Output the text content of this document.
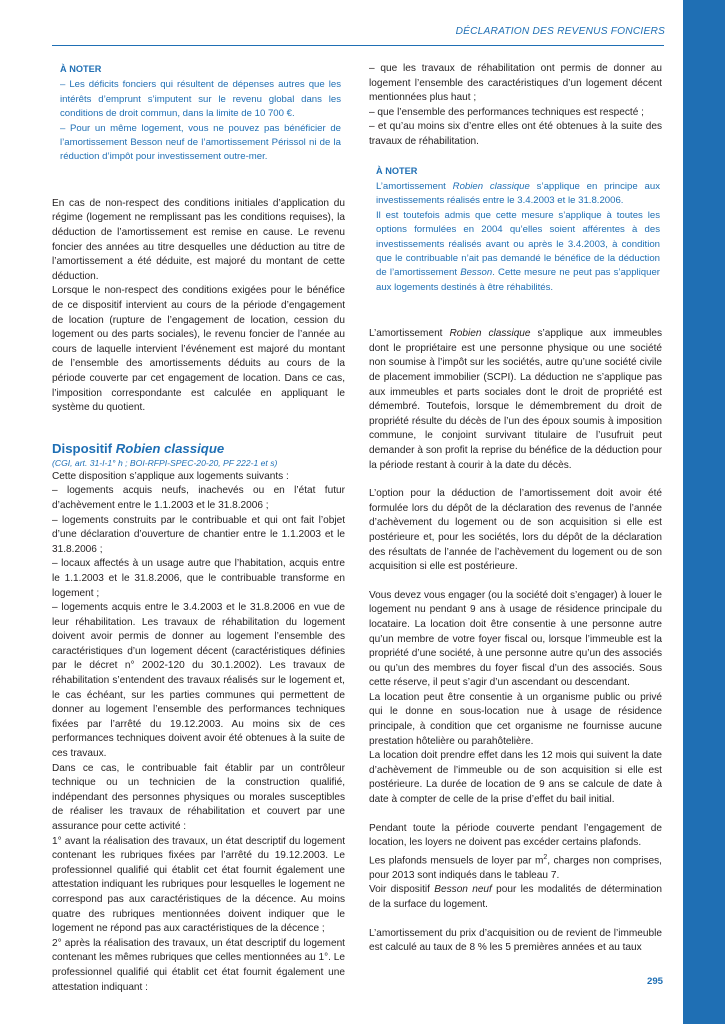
DÉCLARATION DES REVENUS FONCIERS
À NOTER

– Les déficits fonciers qui résultent de dépenses autres que les intérêts d’emprunt s’imputent sur le revenu global dans les conditions de droit commun, dans la limite de 10 700 €.

– Pour un même logement, vous ne pouvez pas bénéficier de l’amortissement Besson neuf de l’amortissement Périssol ni de la réduction d’impôt pour investissement outre-mer.

En cas de non-respect des conditions initiales d’application du régime (logement ne remplissant pas les conditions requises), la déduction de l’amortissement est remise en cause. Le revenu foncier des années au titre desquelles une déduction au titre de l’amortissement a été déduite, est majoré du montant de cette déduction.

Lorsque le non-respect des conditions exigées pour le bénéfice de ce dispositif intervient au cours de la période d’engagement de location (rupture de l’engagement de location, cession du logement ou des parts sociales), le revenu foncier de l’année au cours de laquelle intervient l’événement est majoré du montant de l’ensemble des amortissements déduits au cours de la période couverte par cet engagement de location. Dans ce cas, l’imposition correspondante est calculée en appliquant le système du quotient.

Dispositif Robien classique
(CGI, art. 31-I-1° h ; BOI-RFPI-SPEC-20-20, PF 222-1 et s)

Cette disposition s’applique aux logements suivants :

– logements acquis neufs, inachevés ou en l’état futur d’achèvement entre le 1.1.2003 et le 31.8.2006 ;

– logements construits par le contribuable et qui ont fait l’objet d’une déclaration d’ouverture de chantier entre le 1.1.2003 et le 31.8.2006 ;

– locaux affectés à un usage autre que l’habitation, acquis entre le 1.1.2003 et le 31.8.2006, que le contribuable transforme en logement ;

– logements acquis entre le 3.4.2003 et le 31.8.2006 en vue de leur réhabilitation. Les travaux de réhabilitation du logement doivent avoir permis de donner au logement l’ensemble des caractéristiques d’un logement décent (caractéristiques définies par le décret n° 2002-120 du 30.1.2002). Les travaux de réhabilitation s’entendent des travaux réalisés sur le logement et, le cas échéant, sur les parties communes qui permettent de donner au logement l’ensemble des performances techniques fixées par l’arrêté du 19.12.2003. Au moins six de ces performances techniques doivent avoir été obtenues à la suite de ces travaux.

Dans ce cas, le contribuable fait établir par un contrôleur technique ou un technicien de la construction qualifié, indépendant des personnes physiques ou morales susceptibles de réaliser les travaux de réhabilitation et couvert par une assurance pour cette activité :

1° avant la réalisation des travaux, un état descriptif du logement contenant les rubriques fixées par l’arrêté du 19.12.2003. Le professionnel qualifié qui établit cet état fournit également une attestation indiquant les rubriques pour lesquelles le logement ne correspond pas aux caractéristiques de la décence. Au moins quatre des rubriques mentionnées doivent indiquer que le logement ne répond pas aux caractéristiques de la décence ;

2° après la réalisation des travaux, un état descriptif du logement contenant les mêmes rubriques que celles mentionnées au 1°. Le professionnel qualifié qui établit cet état fournit également une attestation indiquant :

– que les travaux de réhabilitation ont permis de donner au logement l’ensemble des caractéristiques d’un logement décent mentionnées plus haut ;

– que l’ensemble des performances techniques est respecté ;

– et qu’au moins six d’entre elles ont été obtenues à la suite des travaux de réhabilitation.

À NOTER

L’amortissement Robien classique s’applique en principe aux investissements réalisés entre le 3.4.2003 et le 31.8.2006.

Il est toutefois admis que cette mesure s’applique à toutes les options formulées en 2004 qu’elles soient afférentes à des investissements réalisés avant ou après le 3.4.2003, à condition que le contribuable n’ait pas demandé le bénéfice de la déduction de l’amortissement Besson. Cette mesure ne peut pas s’appliquer aux logements destinés à être réhabilités.

L’amortissement Robien classique s’applique aux immeubles dont le propriétaire est une personne physique ou une société non soumise à l’impôt sur les sociétés, autre qu’une société civile de placement immobilier (SCPI). La déduction ne s’applique pas aux immeubles et parts sociales dont le droit de propriété est démembré. Toutefois, lorsque le démembrement du droit de propriété résulte du décès de l’un des époux soumis à imposition commune, le conjoint survivant titulaire de l’usufruit peut demander à son profit la reprise du bénéfice de la déduction pour la période restant à courir à la date du décès.

L’option pour la déduction de l’amortissement doit avoir été formulée lors du dépôt de la déclaration des revenus de l’année d’achèvement du logement ou de son acquisition si elle est postérieure et, pour les sociétés, lors du dépôt de la déclaration des résultats de l’année de l’achèvement du logement ou de son acquisition si elle est postérieure.

Vous devez vous engager (ou la société doit s’engager) à louer le logement nu pendant 9 ans à usage de résidence principale du locataire. La location doit être consentie à une personne autre qu’un membre de votre foyer fiscal ou, lorsque l’immeuble est la propriété d’une société, à une personne autre qu’un des associés ou qu’un des membres du foyer fiscal d’un des associés. Sous cette réserve, il peut s’agir d’un ascendant ou descendant.

La location peut être consentie à un organisme public ou privé qui le donne en sous-location nue à usage de résidence principale, à condition que cet organisme ne fournisse aucune prestation hôtelière ou parahôtelière.

La location doit prendre effet dans les 12 mois qui suivent la date d’achèvement de l’immeuble ou de son acquisition si elle est postérieure. La durée de location de 9 ans se calcule de date à date à compter de celle de la prise d’effet du bail initial.

Pendant toute la période couverte pendant l’engagement de location, les loyers ne doivent pas excéder certains plafonds.

Les plafonds mensuels de loyer par $m^2$, charges non comprises, pour 2013 sont indiqués dans le tableau 7.

Voir dispositif Besson neuf pour les modalités de détermination de la surface du logement.

L’amortissement du prix d’acquisition ou de revient de l’immeuble est calculé au taux de 8 % les 5 premières années et au taux

295
